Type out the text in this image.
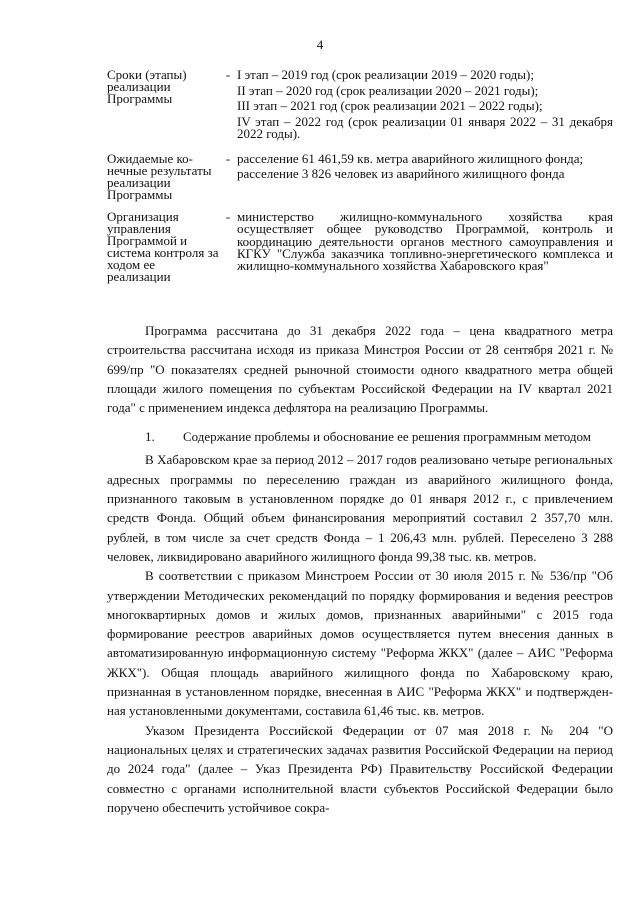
4
Сроки (этапы) реализации Программы
- I этап – 2019 год (срок реализации 2019 – 2020 годы);

II этап – 2020 год (срок реализации 2020 – 2021 годы);

III этап – 2021 год (срок реализации 2021 – 2022 годы);

IV этап – 2022 год (срок реализации 01 января 2022 – 31 декабря 2022 годы).

Ожидаемые конечные результаты реализации Программы
- расселение 61 461,59 кв. метра аварийного жилищного фонда;

расселение 3 826 человек из аварийного жилищного фонда

Организация управления Программой и система контроля за ходом ее реализации
- министерство жилищно-коммунального хозяйства края осуществляет общее руководство Программой, контроль и координацию деятельности органов местного самоуправления и КГКУ "Служба заказчика топливно-энергетического комплекса и жилищно-коммунального хозяйства Хабаровского края"

Программа рассчитана до 31 декабря 2022 года – цена квадратного метра строительства рассчитана исходя из приказа Минстроя России от 28 сентября 2021 г. № 699/пр "О показателях средней рыночной стоимости одного квадратного метра общей площади жилого помещения по субъектам Российской Федерации на IV квартал 2021 года" с применением индекса дефлятора на реализацию Программы.

1.	Содержание проблемы и обоснование ее решения программным методом

В Хабаровском крае за период 2012 – 2017 годов реализовано четыре региональных адресных программы по переселению граждан из аварийного жилищного фонда, признанного таковым в установленном порядке до 01 января 2012 г., с привлечением средств Фонда. Общий объем финансирования мероприятий составил 2 357,70 млн. рублей, в том числе за счет средств Фонда – 1 206,43 млн. рублей. Переселено 3 288 человек, ликвидировано аварийного жилищного фонда 99,38 тыс. кв. метров.

В соответствии с приказом Минстроем России от 30 июля 2015 г. № 536/пр "Об утверждении Методических рекомендаций по порядку формирования и ведения реестров многоквартирных домов и жилых домов, признанных аварийными" с 2015 года формирование реестров аварийных домов осуществляется путем внесения данных в автоматизированную информационную систему "Реформа ЖКХ" (далее – АИС "Реформа ЖКХ"). Общая площадь аварийного жилищного фонда по Хабаровскому краю, признанная в установленном порядке, внесенная в АИС "Реформа ЖКХ" и подтвержденная установленными документами, составила 61,46 тыс. кв. метров.

Указом Президента Российской Федерации от 07 мая 2018 г. № 204 "О национальных целях и стратегических задачах развития Российской Федерации на период до 2024 года" (далее – Указ Президента РФ) Правительству Российской Федерации совместно с органами исполнительной власти субъектов Российской Федерации было поручено обеспечить устойчивое сокра-
